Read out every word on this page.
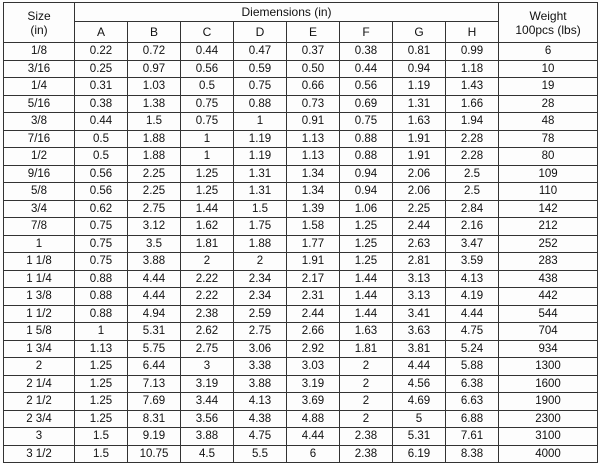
Size
(in)	Diemensions (in)								Weight
100pcs (lbs)
	A	B	C	D	E	F	G	H	
1/8	0.22	0.72	0.44	0.47	0.37	0.38	0.81	0.99	6
3/16	0.25	0.97	0.56	0.59	0.50	0.44	0.94	1.18	10
1/4	0.31	1.03	0.5	0.75	0.66	0.56	1.19	1.43	19
5/16	0.38	1.38	0.75	0.88	0.73	0.69	1.31	1.66	28
3/8	0.44	1.5	0.75	1	0.91	0.75	1.63	1.94	48
7/16	0.5	1.88	1	1.19	1.13	0.88	1.91	2.28	78
1/2	0.5	1.88	1	1.19	1.13	0.88	1.91	2.28	80
9/16	0.56	2.25	1.25	1.31	1.34	0.94	2.06	2.5	109
5/8	0.56	2.25	1.25	1.31	1.34	0.94	2.06	2.5	110
3/4	0.62	2.75	1.44	1.5	1.39	1.06	2.25	2.84	142
7/8	0.75	3.12	1.62	1.75	1.58	1.25	2.44	2.16	212
1	0.75	3.5	1.81	1.88	1.77	1.25	2.63	3.47	252
1 1/8	0.75	3.88	2	2	1.91	1.25	2.81	3.59	283
1 1/4	0.88	4.44	2.22	2.34	2.17	1.44	3.13	4.13	438
1 3/8	0.88	4.44	2.22	2.34	2.31	1.44	3.13	4.19	442
1 1/2	0.88	4.94	2.38	2.59	2.44	1.44	3.41	4.44	544
1 5/8	1	5.31	2.62	2.75	2.66	1.63	3.63	4.75	704
1 3/4	1.13	5.75	2.75	3.06	2.92	1.81	3.81	5.24	934
2	1.25	6.44	3	3.38	3.03	2	4.44	5.88	1300
2 1/4	1.25	7.13	3.19	3.88	3.19	2	4.56	6.38	1600
2 1/2	1.25	7.69	3.44	4.13	3.69	2	4.69	6.63	1900
2 3/4	1.25	8.31	3.56	4.38	4.88	2	5	6.88	2300
3	1.5	9.19	3.88	4.75	4.44	2.38	5.31	7.61	3100
3 1/2	1.5	10.75	4.5	5.5	6	2.38	6.19	8.38	4000
